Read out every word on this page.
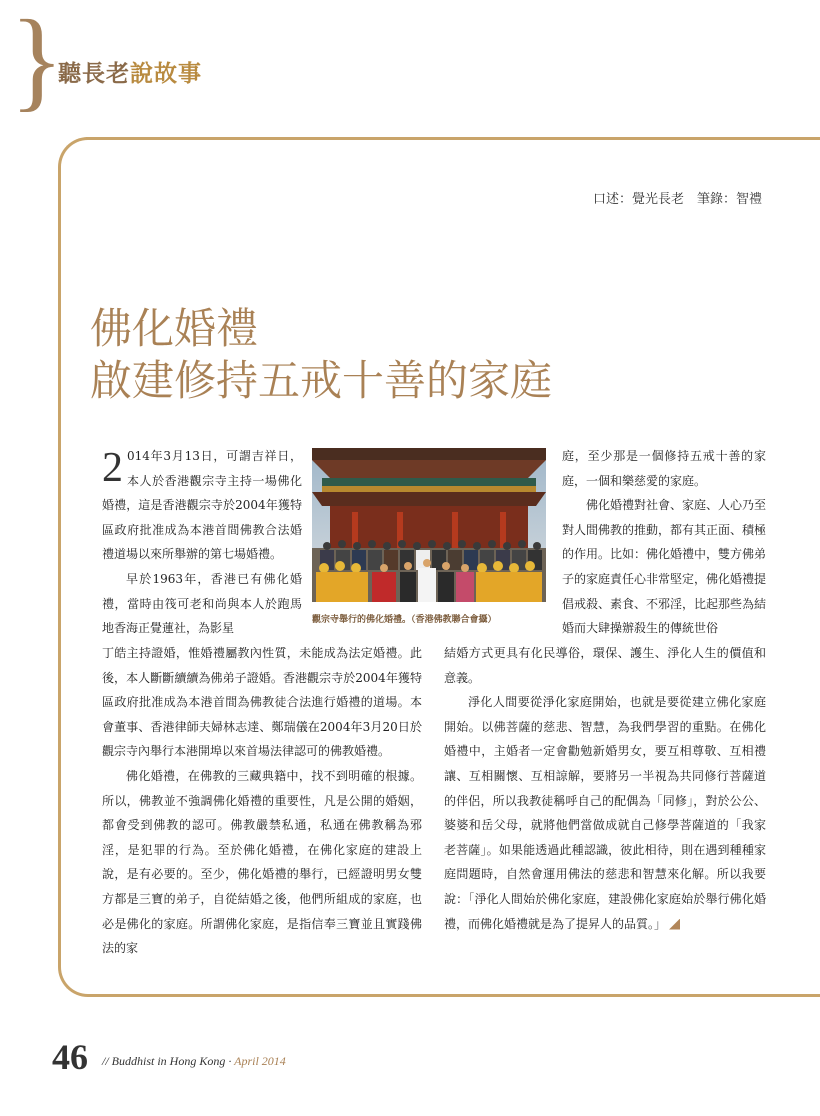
}
聽長老說故事
口述：覺光長老　筆錄：智禮
佛化婚禮
啟建修持五戒十善的家庭
觀宗寺舉行的佛化婚禮。（香港佛教聯合會攝）
2 014年3月13日，可謂吉祥日，本人於香港觀宗寺主持一場佛化婚禮，這是香港觀宗寺於2004年獲特區政府批准成為本港首間佛教合法婚禮道場以來所舉辦的第七場婚禮。
早於1963年，香港已有佛化婚禮，當時由筏可老和尚與本人於跑馬地香海正覺蓮社，為影星
丁皓主持證婚，惟婚禮屬教內性質，未能成為法定婚禮。此後，本人斷斷續續為佛弟子證婚。香港觀宗寺於2004年獲特區政府批准成為本港首間為佛教徒合法進行婚禮的道場。本會董事、香港律師夫婦林志達、鄭瑞儀在2004年3月20日於觀宗寺內舉行本港開埠以來首場法律認可的佛教婚禮。
佛化婚禮，在佛教的三藏典籍中，找不到明確的根據。所以，佛教並不強調佛化婚禮的重要性，凡是公開的婚姻，都會受到佛教的認可。佛教嚴禁私通，私通在佛教稱為邪淫，是犯罪的行為。至於佛化婚禮，在佛化家庭的建設上說，是有必要的。至少，佛化婚禮的舉行，已經證明男女雙方都是三寶的弟子，自從結婚之後，他們所組成的家庭，也必是佛化的家庭。所謂佛化家庭，是指信奉三寶並且實踐佛法的家
庭，至少那是一個修持五戒十善的家庭，一個和樂慈愛的家庭。
佛化婚禮對社會、家庭、人心乃至對人間佛教的推動，都有其正面、積極的作用。比如：佛化婚禮中，雙方佛弟子的家庭責任心非常堅定，佛化婚禮提倡戒殺、素食、不邪淫，比起那些為結婚而大肆操辦殺生的傳統世俗
結婚方式更具有化民導俗，環保、護生、淨化人生的價值和意義。
淨化人間要從淨化家庭開始，也就是要從建立佛化家庭開始。以佛菩薩的慈悲、智慧，為我們學習的重點。在佛化婚禮中，主婚者一定會勸勉新婚男女，要互相尊敬、互相禮讓、互相關懷、互相諒解，要將另一半視為共同修行菩薩道的伴侶，所以我教徒稱呼自己的配偶為「同修」，對於公公、婆婆和岳父母，就將他們當做成就自己修學菩薩道的「我家老菩薩」。如果能透過此種認識，彼此相待，則在遇到種種家庭問題時，自然會運用佛法的慈悲和智慧來化解。所以我要說：「淨化人間始於佛化家庭，建設佛化家庭始於舉行佛化婚禮，而佛化婚禮就是為了提昇人的品質。」
46 // Buddhist in Hong Kong · April 2014
